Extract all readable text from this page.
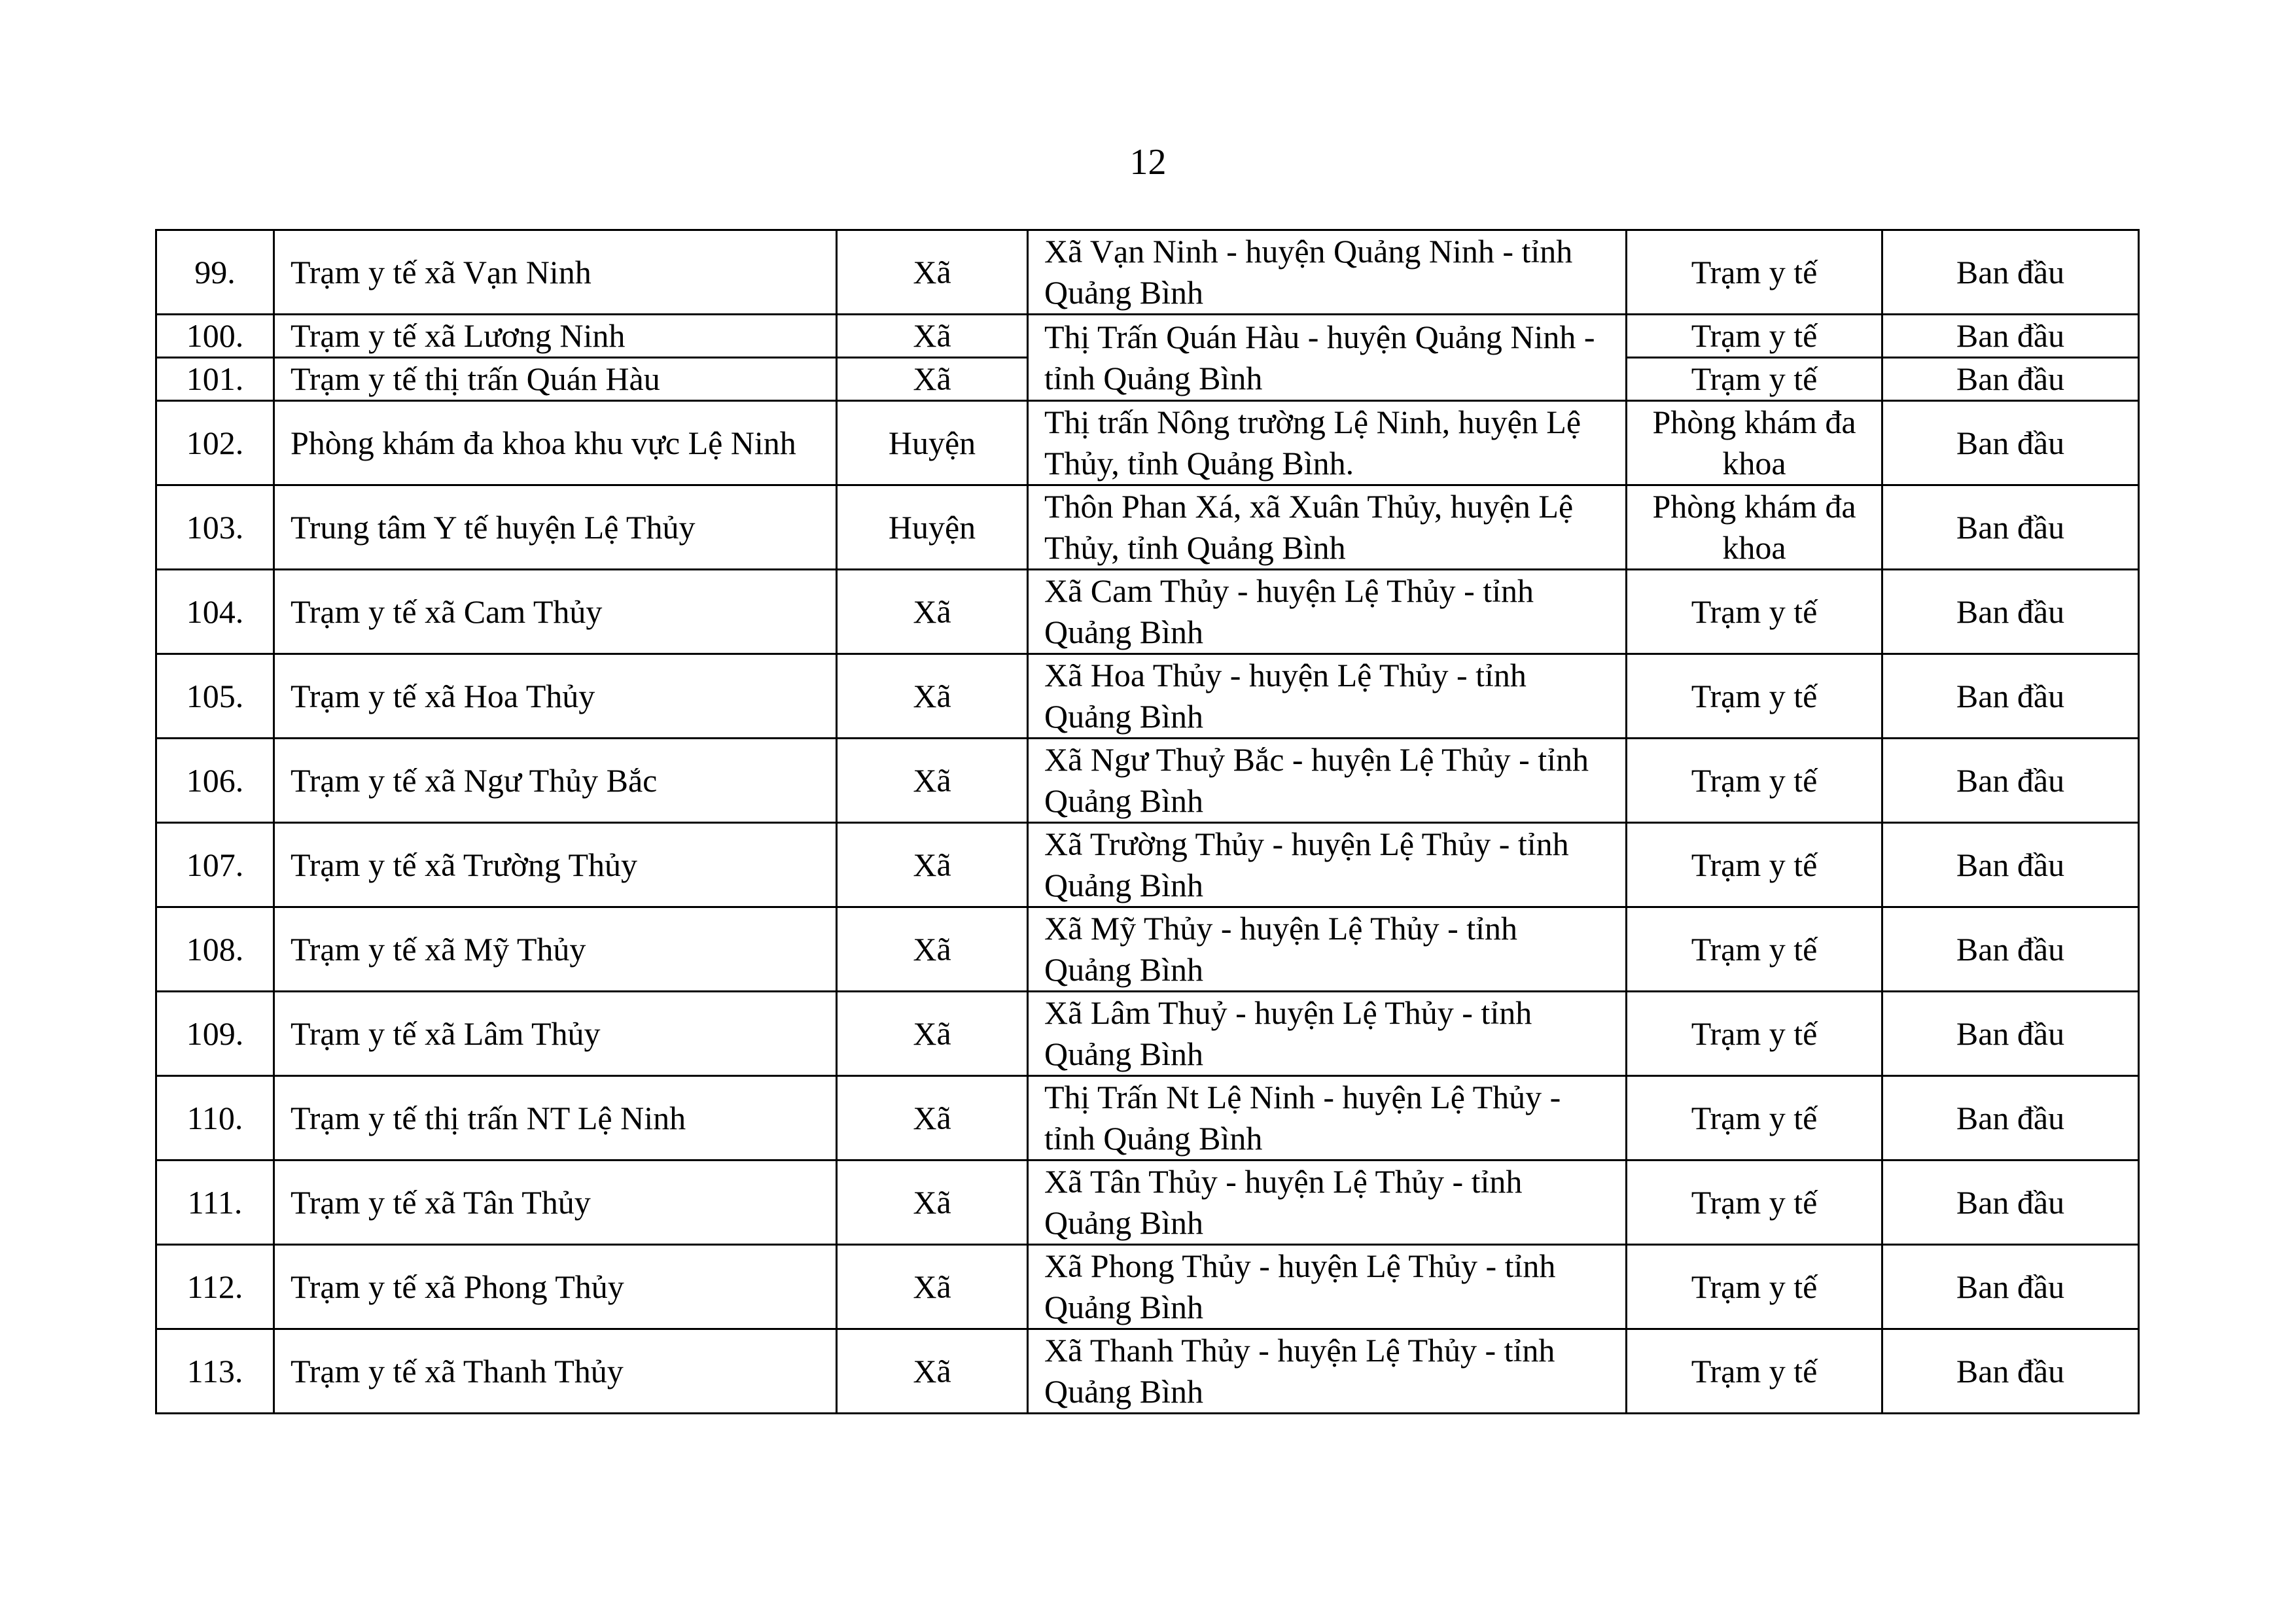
12
99.	Trạm y tế xã Vạn Ninh	Xã	Xã Vạn Ninh - huyện Quảng Ninh - tỉnh Quảng Bình	Trạm y tế	Ban đầu
100.	Trạm y tế xã Lương Ninh	Xã	Thị Trấn Quán Hàu - huyện Quảng Ninh - tỉnh Quảng Bình	Trạm y tế	Ban đầu
101.	Trạm y tế thị trấn Quán Hàu	Xã		Trạm y tế	Ban đầu
102.	Phòng khám đa khoa khu vực Lệ Ninh	Huyện	Thị trấn Nông trường Lệ Ninh, huyện Lệ Thủy, tỉnh Quảng Bình.	Phòng khám đa khoa	Ban đầu
103.	Trung tâm Y tế huyện Lệ Thủy	Huyện	Thôn Phan Xá, xã Xuân Thủy, huyện Lệ Thủy, tỉnh Quảng Bình	Phòng khám đa khoa	Ban đầu
104.	Trạm y tế xã Cam Thủy	Xã	Xã Cam Thủy - huyện Lệ Thủy - tỉnh Quảng Bình	Trạm y tế	Ban đầu
105.	Trạm y tế xã Hoa Thủy	Xã	Xã Hoa Thủy - huyện Lệ Thủy - tỉnh Quảng Bình	Trạm y tế	Ban đầu
106.	Trạm y tế xã Ngư Thủy Bắc	Xã	Xã Ngư Thuỷ Bắc - huyện Lệ Thủy - tỉnh Quảng Bình	Trạm y tế	Ban đầu
107.	Trạm y tế xã Trường Thủy	Xã	Xã Trường Thủy - huyện Lệ Thủy - tỉnh Quảng Bình	Trạm y tế	Ban đầu
108.	Trạm y tế xã Mỹ Thủy	Xã	Xã Mỹ Thủy - huyện Lệ Thủy - tỉnh Quảng Bình	Trạm y tế	Ban đầu
109.	Trạm y tế xã Lâm Thủy	Xã	Xã Lâm Thuỷ - huyện Lệ Thủy - tỉnh Quảng Bình	Trạm y tế	Ban đầu
110.	Trạm y tế thị trấn NT Lệ Ninh	Xã	Thị Trấn Nt Lệ Ninh - huyện Lệ Thủy - tỉnh Quảng Bình	Trạm y tế	Ban đầu
111.	Trạm y tế xã Tân Thủy	Xã	Xã Tân Thủy - huyện Lệ Thủy - tỉnh Quảng Bình	Trạm y tế	Ban đầu
112.	Trạm y tế xã Phong Thủy	Xã	Xã Phong Thủy - huyện Lệ Thủy - tỉnh Quảng Bình	Trạm y tế	Ban đầu
113.	Trạm y tế xã Thanh Thủy	Xã	Xã Thanh Thủy - huyện Lệ Thủy - tỉnh Quảng Bình	Trạm y tế	Ban đầu
